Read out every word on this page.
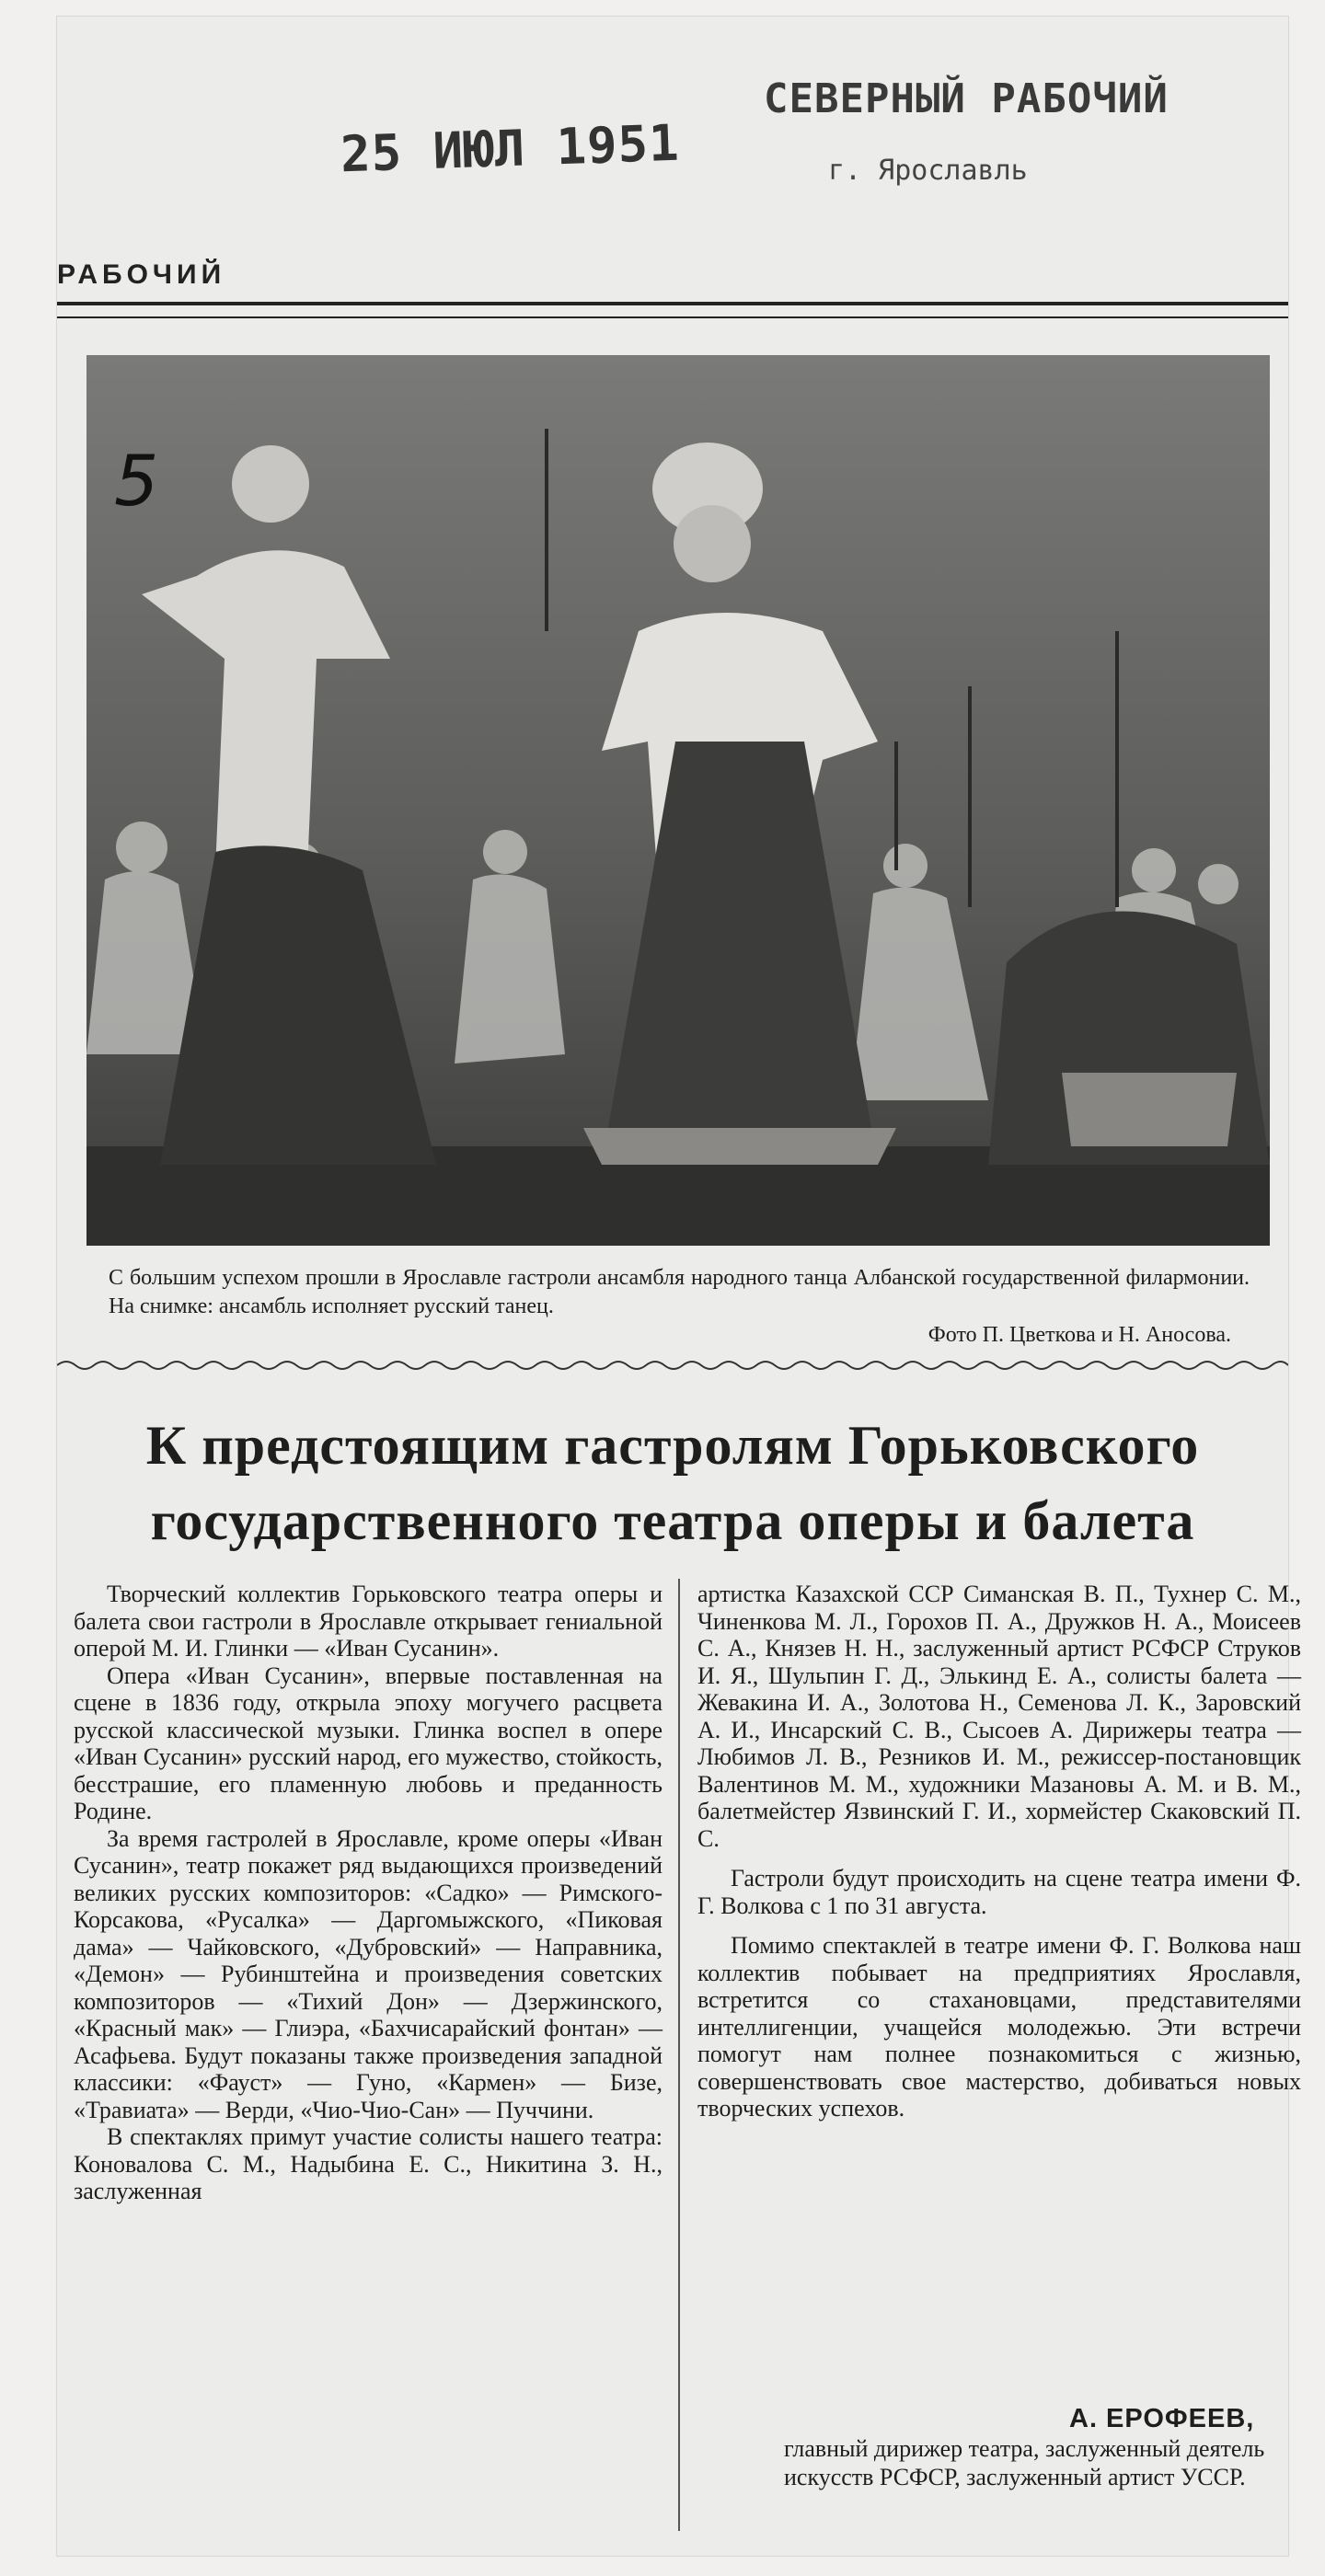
25 ИЮЛ 1951
СЕВЕРНЫЙ РАБОЧИЙ
г. Ярославль
РАБОЧИЙ
5
С большим успехом прошли в Ярославле гастроли ансамбля народного танца Албанской государственной филармонии. На снимке: ансамбль исполняет русский танец.
Фото П. Цветкова и Н. Аносова.
К предстоящим гастролям Горьковского
государственного театра оперы и балета

Творческий коллектив Горьковского театра оперы и балета свои гастроли в Ярославле открывает гениальной оперой М. И. Глинки — «Иван Сусанин».

Опера «Иван Сусанин», впервые поставленная на сцене в 1836 году, открыла эпоху могучего расцвета русской классической музыки. Глинка воспел в опере «Иван Сусанин» русский народ, его мужество, стойкость, бесстрашие, его пламенную любовь и преданность Родине.

За время гастролей в Ярославле, кроме оперы «Иван Сусанин», театр покажет ряд выдающихся произведений великих русских композиторов: «Садко» — Римского-Корсакова, «Русалка» — Даргомыжского, «Пиковая дама» — Чайковского, «Дубровский» — Направника, «Демон» — Рубинштейна и произведения советских композиторов — «Тихий Дон» — Дзержинского, «Красный мак» — Глиэра, «Бахчисарайский фонтан» — Асафьева. Будут показаны также произведения западной классики: «Фауст» — Гуно, «Кармен» — Бизе, «Травиата» — Верди, «Чио-Чио-Сан» — Пуччини.

В спектаклях примут участие солисты нашего театра: Коновалова С. М., Надыбина Е. С., Никитина З. Н., заслуженная

артистка Казахской ССР Симанская В. П., Тухнер С. М., Чиненкова М. Л., Горохов П. А., Дружков Н. А., Моисеев С. А., Князев Н. Н., заслуженный артист РСФСР Струков И. Я., Шульпин Г. Д., Элькинд Е. А., солисты балета — Жевакина И. А., Золотова Н., Семенова Л. К., Заровский А. И., Инсарский С. В., Сысоев А. Дирижеры театра — Любимов Л. В., Резников И. М., режиссер-постановщик Валентинов М. М., художники Мазановы А. М. и В. М., балетмейстер Язвинский Г. И., хормейстер Скаковский П. С.

Гастроли будут происходить на сцене театра имени Ф. Г. Волкова с 1 по 31 августа.

Помимо спектаклей в театре имени Ф. Г. Волкова наш коллектив побывает на предприятиях Ярославля, встретится со стахановцами, представителями интеллигенции, учащейся молодежью. Эти встречи помогут нам полнее познакомиться с жизнью, совершенствовать свое мастерство, добиваться новых творческих успехов.

А. ЕРОФЕЕВ,
главный дирижер театра, заслуженный деятель искусств РСФСР, заслуженный артист УССР.
